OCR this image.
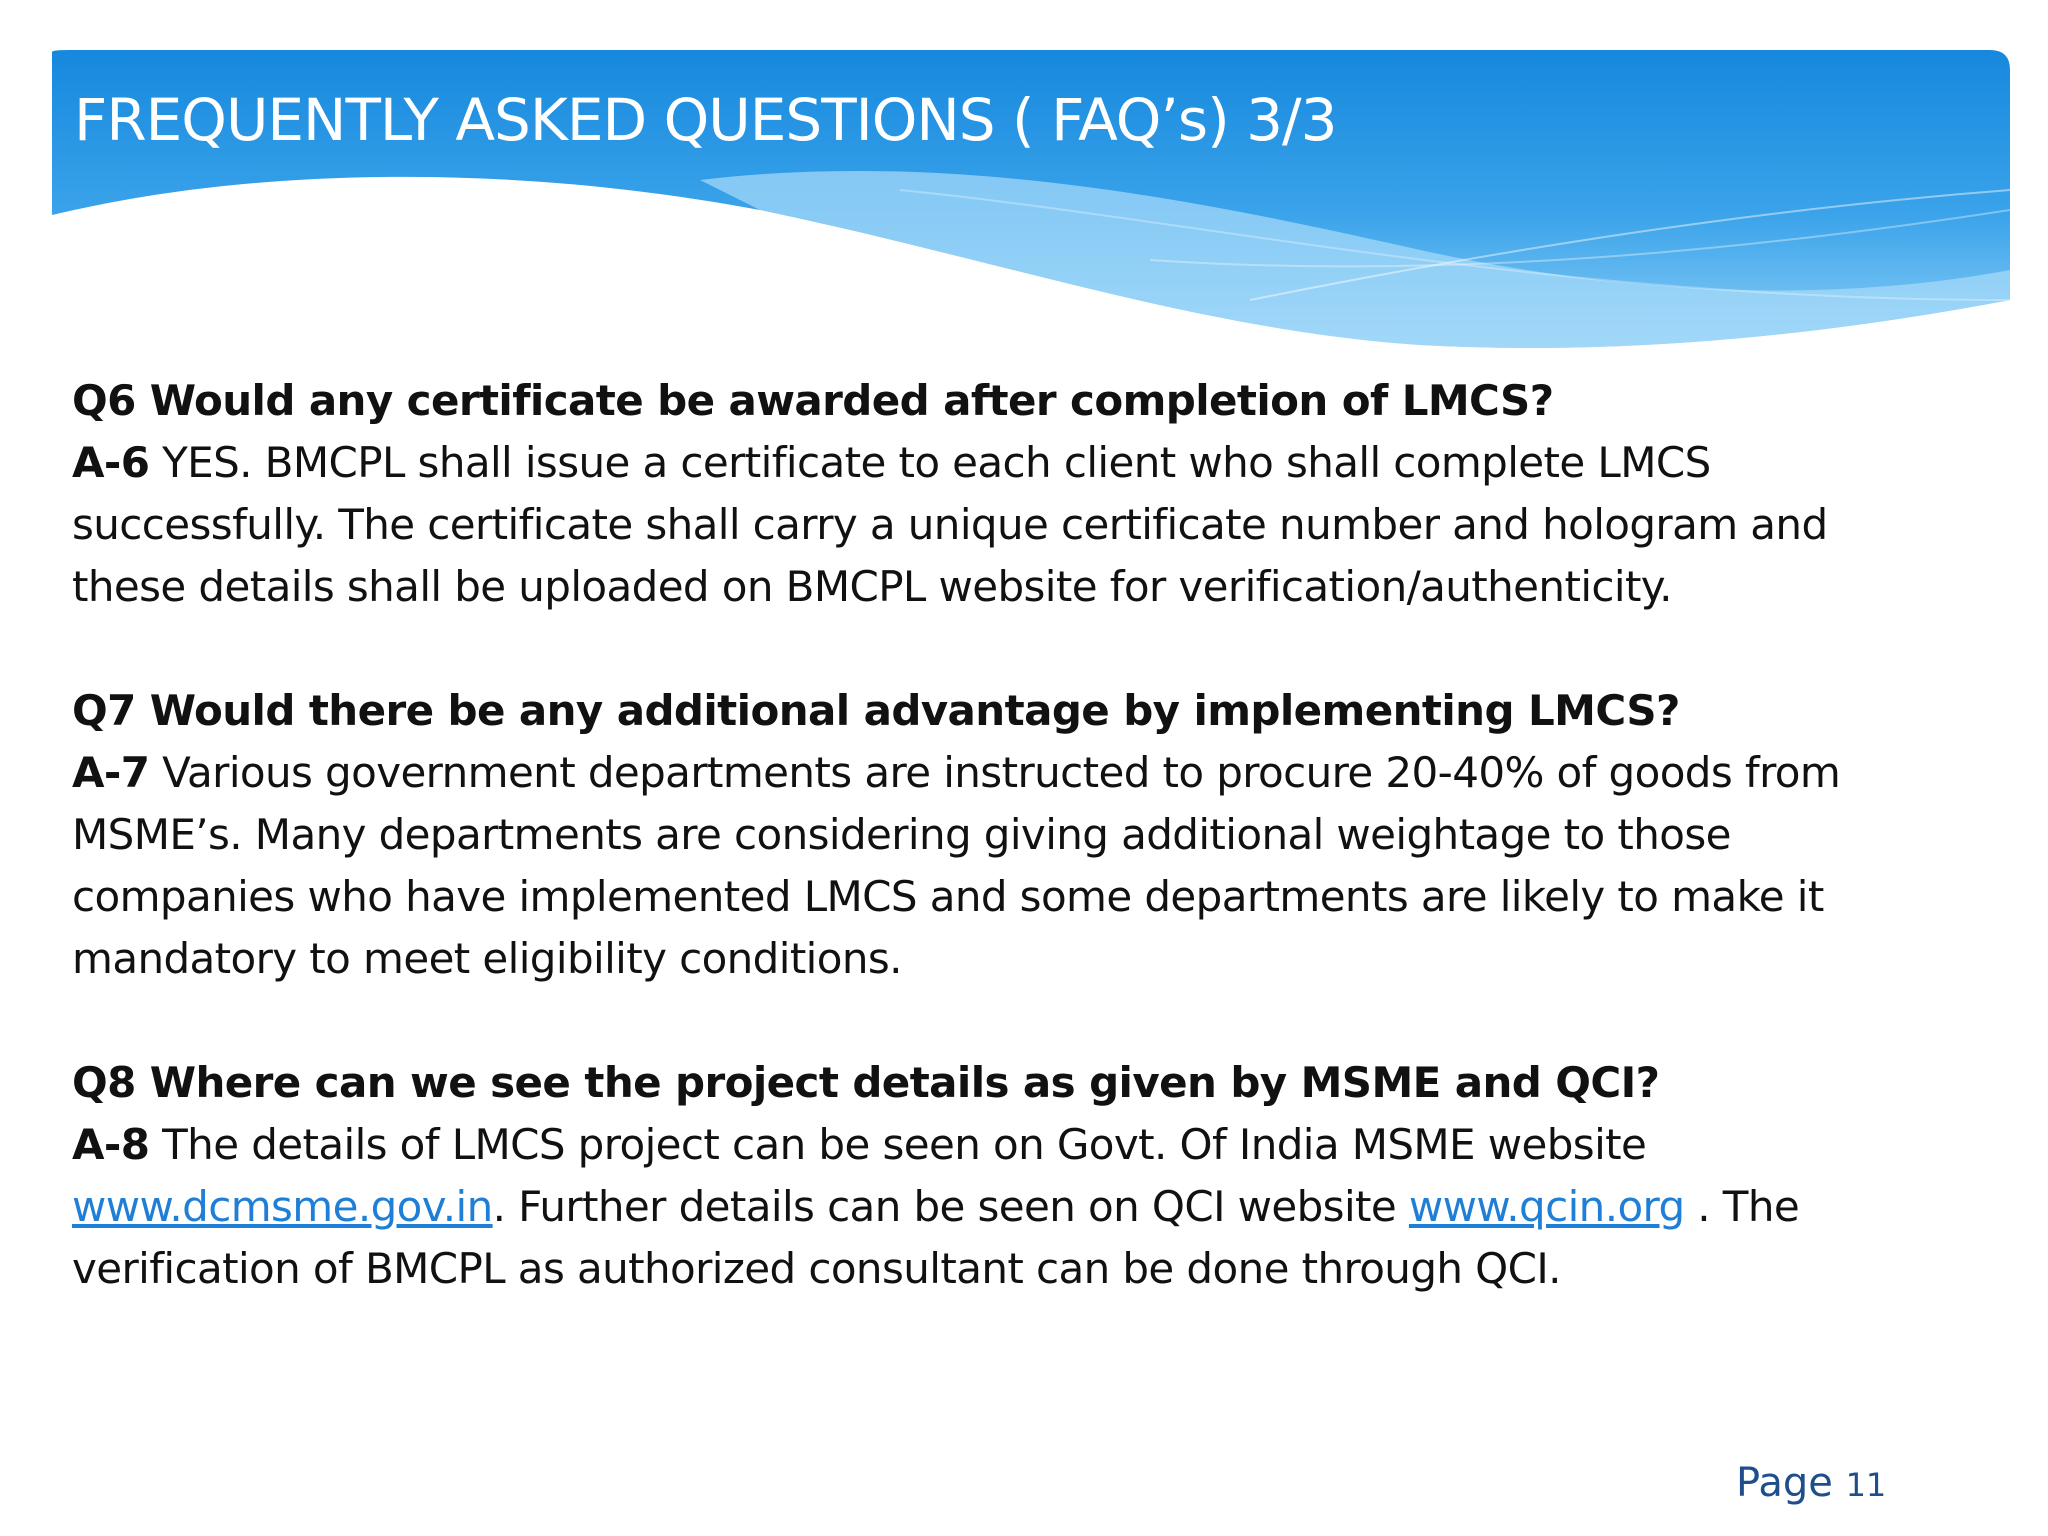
FREQUENTLY ASKED QUESTIONS ( FAQ’s) 3/3
Q6 Would any certificate be awarded after completion of LMCS?
A-6 YES. BMCPL shall issue a certificate to each client who shall complete LMCS
successfully. The certificate shall carry a unique certificate number and hologram and
these details shall be uploaded on BMCPL website for verification/authenticity.
Q7 Would there be any additional advantage by implementing LMCS?
A-7 Various government departments are instructed to procure 20-40% of goods from
MSME’s. Many departments are considering giving additional weightage to those
companies who have implemented LMCS and some departments are likely to make it
mandatory to meet eligibility conditions.
Q8 Where can we see the project details as given by MSME and QCI?
A-8 The details of LMCS project can be seen on Govt. Of India MSME website
www.dcmsme.gov.in. Further details can be seen on QCI website www.qcin.org . The
verification of BMCPL as authorized consultant can be done through QCI.
Page 11
